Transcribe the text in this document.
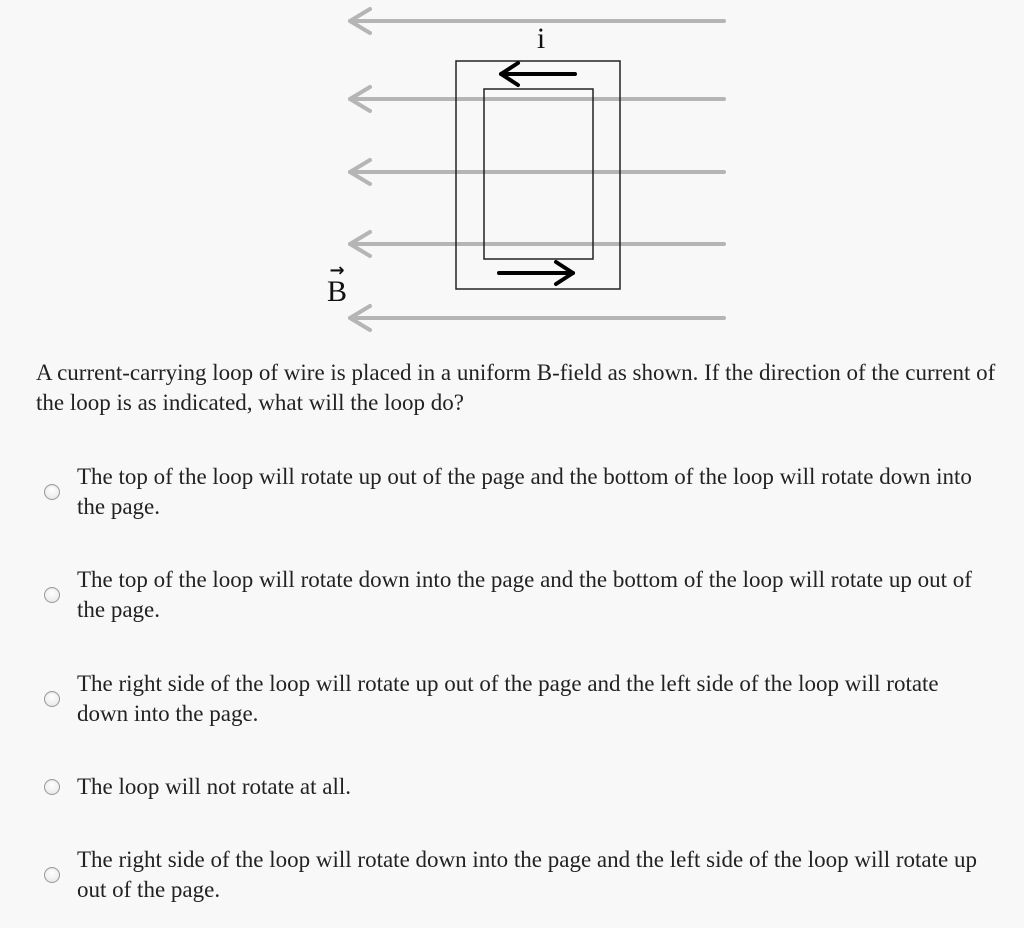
i
B
→

A current-carrying loop of wire is placed in a uniform B-field as shown. If the direction of the current of the loop is as indicated, what will the loop do?

The top of the loop will rotate up out of the page and the bottom of the loop will rotate down into the page.
The top of the loop will rotate down into the page and the bottom of the loop will rotate up out of the page.
The right side of the loop will rotate up out of the page and the left side of the loop will rotate down into the page.
The loop will not rotate at all.
The right side of the loop will rotate down into the page and the left side of the loop will rotate up out of the page.
